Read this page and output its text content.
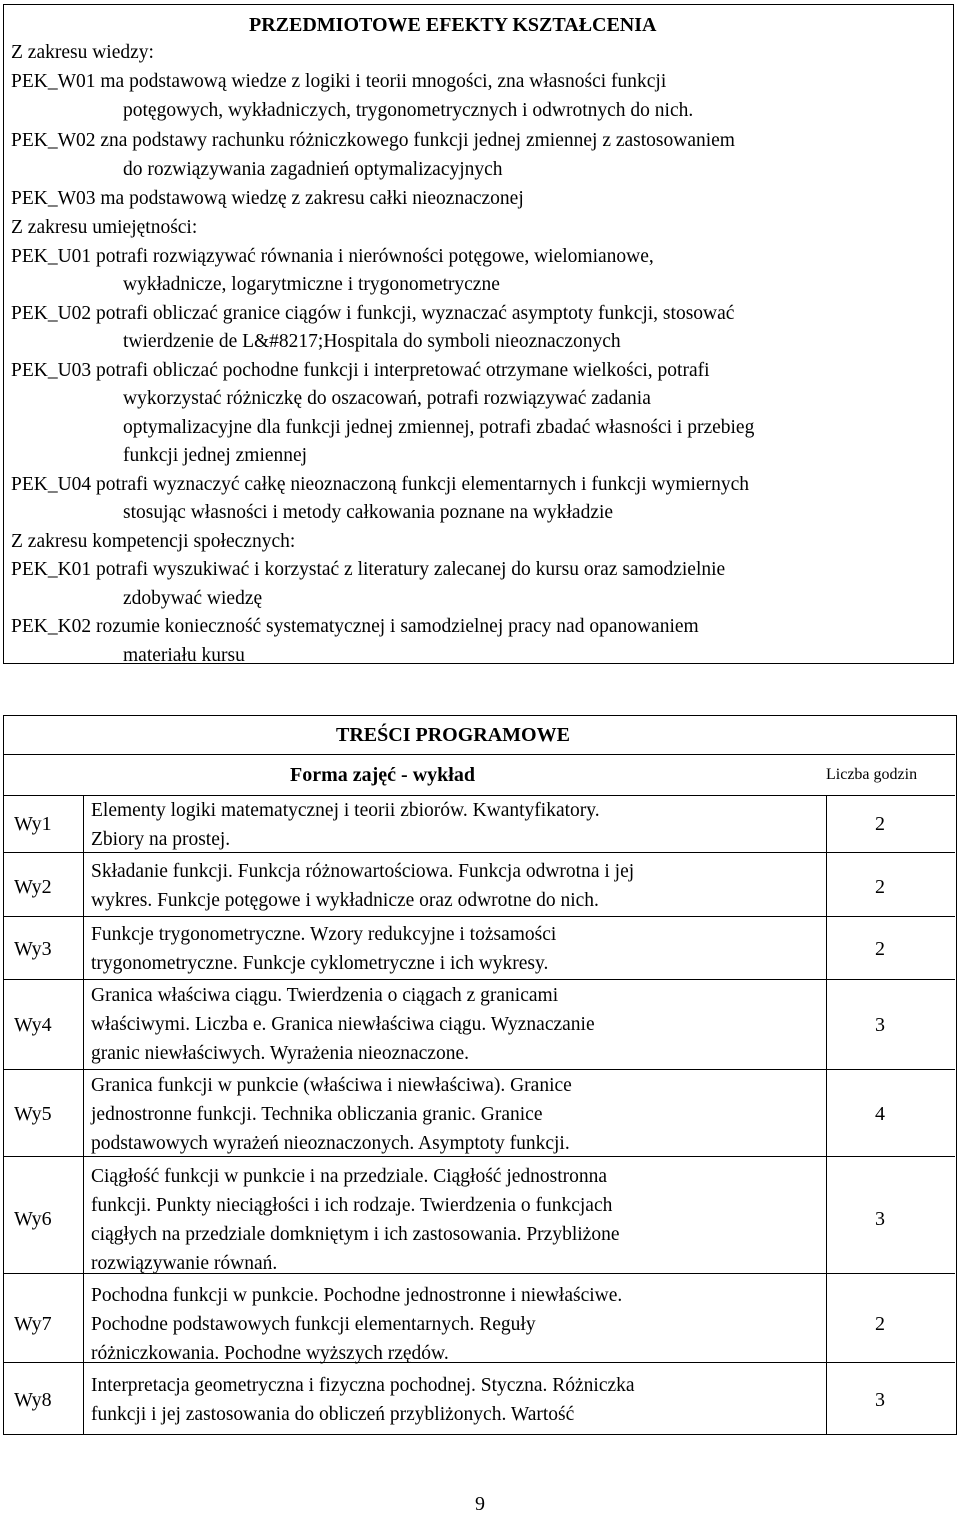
PRZEDMIOTOWE EFEKTY KSZTAŁCENIA
Z zakresu wiedzy:
PEK_W01 ma podstawową wiedze z logiki i teorii mnogości, zna własności funkcji
potęgowych, wykładniczych, trygonometrycznych i odwrotnych do nich.
PEK_W02 zna podstawy rachunku różniczkowego funkcji jednej zmiennej z zastosowaniem
do rozwiązywania zagadnień optymalizacyjnych
PEK_W03 ma podstawową wiedzę z zakresu całki nieoznaczonej
Z zakresu umiejętności:
PEK_U01 potrafi rozwiązywać równania i nierówności potęgowe, wielomianowe,
wykładnicze, logarytmiczne i trygonometryczne
PEK_U02 potrafi obliczać granice ciągów i funkcji, wyznaczać asymptoty funkcji, stosować
twierdzenie de L&#8217;Hospitala do symboli nieoznaczonych
PEK_U03 potrafi obliczać pochodne funkcji i interpretować otrzymane wielkości, potrafi
wykorzystać różniczkę do oszacowań, potrafi rozwiązywać zadania
optymalizacyjne dla funkcji jednej zmiennej, potrafi zbadać własności i przebieg
funkcji jednej zmiennej
PEK_U04 potrafi wyznaczyć całkę nieoznaczoną funkcji elementarnych i funkcji wymiernych
stosując własności i metody całkowania poznane na wykładzie
Z zakresu kompetencji społecznych:
PEK_K01 potrafi wyszukiwać i korzystać z literatury zalecanej do kursu oraz samodzielnie
zdobywać wiedzę
PEK_K02 rozumie konieczność systematycznej i samodzielnej pracy nad opanowaniem
materiału kursu
TREŚCI PROGRAMOWE
Forma zajęć - wykład	Liczba godzin
Wy1
Elementy logiki matematycznej i teorii zbiorów. Kwantyfikatory.
Zbiory na prostej.
2
Wy2
Składanie funkcji. Funkcja różnowartościowa. Funkcja odwrotna i jej
wykres. Funkcje potęgowe i wykładnicze oraz odwrotne do nich.
2
Wy3
Funkcje trygonometryczne. Wzory redukcyjne i tożsamości
trygonometryczne. Funkcje cyklometryczne i ich wykresy.
2
Wy4
Granica właściwa ciągu. Twierdzenia o ciągach z granicami
właściwymi. Liczba e. Granica niewłaściwa ciągu. Wyznaczanie
granic niewłaściwych. Wyrażenia nieoznaczone.
3
Wy5
Granica funkcji w punkcie (właściwa i niewłaściwa). Granice
jednostronne funkcji. Technika obliczania granic. Granice
podstawowych wyrażeń nieoznaczonych. Asymptoty funkcji.
4
Wy6
Ciągłość funkcji w punkcie i na przedziale. Ciągłość jednostronna
funkcji. Punkty nieciągłości i ich rodzaje. Twierdzenia o funkcjach
ciągłych na przedziale domkniętym i ich zastosowania. Przybliżone
rozwiązywanie równań.
3
Wy7
Pochodna funkcji w punkcie. Pochodne jednostronne i niewłaściwe.
Pochodne podstawowych funkcji elementarnych. Reguły
różniczkowania. Pochodne wyższych rzędów.
2
Wy8
Interpretacja geometryczna i fizyczna pochodnej. Styczna. Różniczka
funkcji i jej zastosowania do obliczeń przybliżonych. Wartość
3
9
